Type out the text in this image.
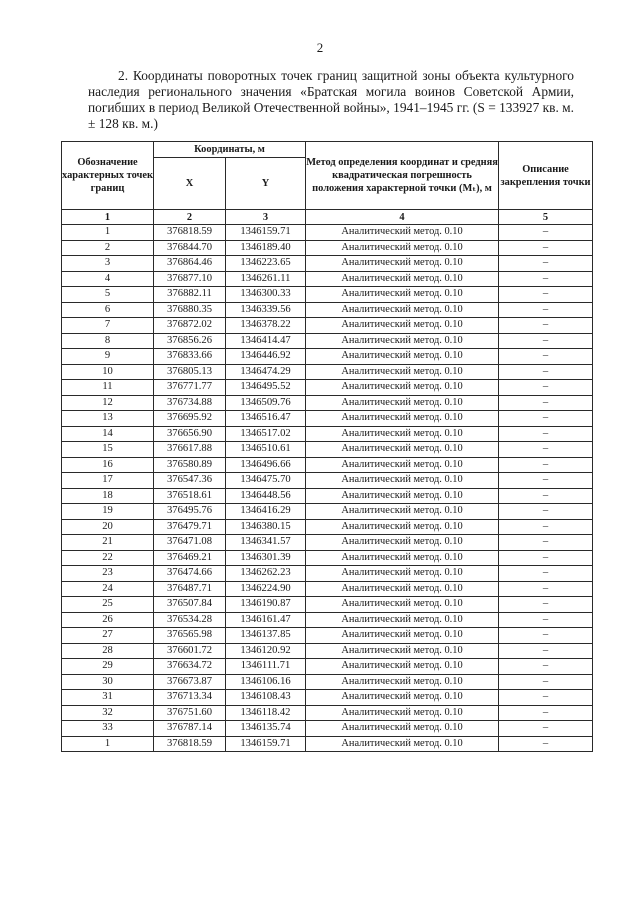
2

2. Координаты поворотных точек границ защитной зоны объекта культурного наследия регионального значения «Братская могила воинов Советской Армии, погибших в период Великой Отечественной войны», 1941–1945 гг. (S = 133927 кв. м. ± 128 кв. м.)

Обозначение характерных точек границ	Координаты, м		Метод определения координат и средняя квадратическая погрешность положения характерной точки (Mₜ), м	Описание закрепления точки
	X	Y		
1	2	3	4	5
1	376818.59	1346159.71	Аналитический метод. 0.10	–
2	376844.70	1346189.40	Аналитический метод. 0.10	–
3	376864.46	1346223.65	Аналитический метод. 0.10	–
4	376877.10	1346261.11	Аналитический метод. 0.10	–
5	376882.11	1346300.33	Аналитический метод. 0.10	–
6	376880.35	1346339.56	Аналитический метод. 0.10	–
7	376872.02	1346378.22	Аналитический метод. 0.10	–
8	376856.26	1346414.47	Аналитический метод. 0.10	–
9	376833.66	1346446.92	Аналитический метод. 0.10	–
10	376805.13	1346474.29	Аналитический метод. 0.10	–
11	376771.77	1346495.52	Аналитический метод. 0.10	–
12	376734.88	1346509.76	Аналитический метод. 0.10	–
13	376695.92	1346516.47	Аналитический метод. 0.10	–
14	376656.90	1346517.02	Аналитический метод. 0.10	–
15	376617.88	1346510.61	Аналитический метод. 0.10	–
16	376580.89	1346496.66	Аналитический метод. 0.10	–
17	376547.36	1346475.70	Аналитический метод. 0.10	–
18	376518.61	1346448.56	Аналитический метод. 0.10	–
19	376495.76	1346416.29	Аналитический метод. 0.10	–
20	376479.71	1346380.15	Аналитический метод. 0.10	–
21	376471.08	1346341.57	Аналитический метод. 0.10	–
22	376469.21	1346301.39	Аналитический метод. 0.10	–
23	376474.66	1346262.23	Аналитический метод. 0.10	–
24	376487.71	1346224.90	Аналитический метод. 0.10	–
25	376507.84	1346190.87	Аналитический метод. 0.10	–
26	376534.28	1346161.47	Аналитический метод. 0.10	–
27	376565.98	1346137.85	Аналитический метод. 0.10	–
28	376601.72	1346120.92	Аналитический метод. 0.10	–
29	376634.72	1346111.71	Аналитический метод. 0.10	–
30	376673.87	1346106.16	Аналитический метод. 0.10	–
31	376713.34	1346108.43	Аналитический метод. 0.10	–
32	376751.60	1346118.42	Аналитический метод. 0.10	–
33	376787.14	1346135.74	Аналитический метод. 0.10	–
1	376818.59	1346159.71	Аналитический метод. 0.10	–
